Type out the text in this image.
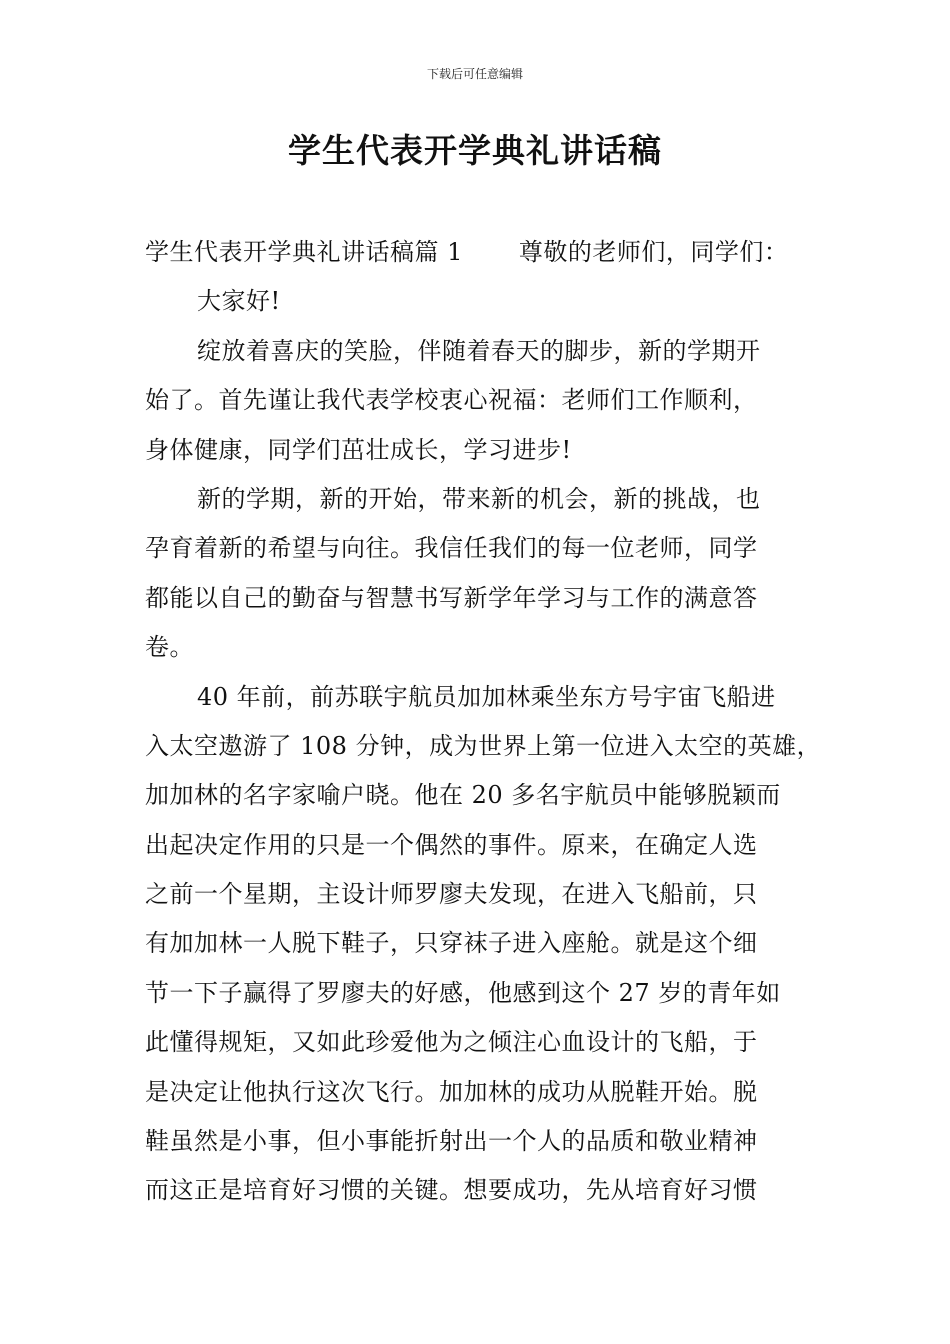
下载后可任意编辑
学生代表开学典礼讲话稿
学生代表开学典礼讲话稿篇 1 尊敬的老师们，同学们：
大家好!
绽放着喜庆的笑脸，伴随着春天的脚步，新的学期开
始了。首先谨让我代表学校衷心祝福：老师们工作顺利，
身体健康，同学们茁壮成长，学习进步!
新的学期，新的开始，带来新的机会，新的挑战，也
孕育着新的希望与向往。我信任我们的每一位老师，同学
都能以自己的勤奋与智慧书写新学年学习与工作的满意答
卷。
40 年前，前苏联宇航员加加林乘坐东方号宇宙飞船进
入太空遨游了 108 分钟，成为世界上第一位进入太空的英雄，
加加林的名字家喻户晓。他在 20 多名宇航员中能够脱颖而
出起决定作用的只是一个偶然的事件。原来，在确定人选
之前一个星期，主设计师罗廖夫发现，在进入飞船前，只
有加加林一人脱下鞋子，只穿袜子进入座舱。就是这个细
节一下子赢得了罗廖夫的好感，他感到这个 27 岁的青年如
此懂得规矩，又如此珍爱他为之倾注心血设计的飞船，于
是决定让他执行这次飞行。加加林的成功从脱鞋开始。脱
鞋虽然是小事，但小事能折射出一个人的品质和敬业精神
而这正是培育好习惯的关键。想要成功，先从培育好习惯
